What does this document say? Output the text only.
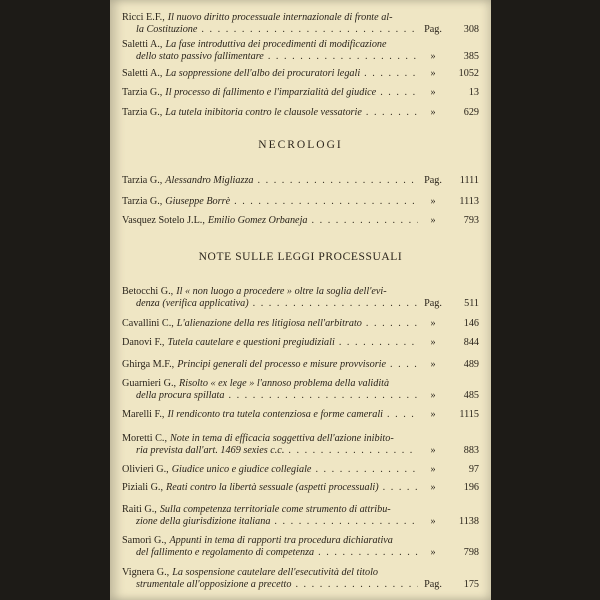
Ricci E.F., Il nuovo diritto processuale internazionale di fronte al-
la Costituzione . . .	Pag.	308
Saletti A., La fase introduttiva dei procedimenti di modificazione
dello stato passivo fallimentare . . .	»	385
Saletti A., La soppressione dell'albo dei procuratori legali . . .	»	1052
Tarzia G., Il processo di fallimento e l'imparzialità del giudice . . .	»	13
Tarzia G., La tutela inibitoria contro le clausole vessatorie . . .	»	629
NECROLOGI
Tarzia G., Alessandro Migliazza . . .	Pag.	1111
Tarzia G., Giuseppe Borrè . . .	»	1113
Vasquez Sotelo J.L., Emilio Gomez Orbaneja . . .	»	793
NOTE SULLE LEGGI PROCESSUALI
Betocchi G., Il « non luogo a procedere » oltre la soglia dell'evi-
denza (verifica applicativa) . . .	Pag.	511
Cavallini C., L'alienazione della res litigiosa nell'arbitrato . . .	»	146
Danovi F., Tutela cautelare e questioni pregiudiziali . . .	»	844
Ghirga M.F., Principi generali del processo e misure provvisorie . . .	»	489
Guarnieri G., Risolto « ex lege » l'annoso problema della validità
della procura spillata . . .	»	485
Marelli F., Il rendiconto tra tutela contenziosa e forme camerali . . .	»	1115
Moretti C., Note in tema di efficacia soggettiva dell'azione inibito-
ria prevista dall'art. 1469 sexies c.c. . . .	»	883
Olivieri G., Giudice unico e giudice collegiale . . .	»	97
Piziali G., Reati contro la libertà sessuale (aspetti processuali) . . .	»	196
Raiti G., Sulla competenza territoriale come strumento di attribu-
zione della giurisdizione italiana . . .	»	1138
Samorì G., Appunti in tema di rapporti tra procedura dichiarativa
del fallimento e regolamento di competenza . . .	»	798
Vignera G., La sospensione cautelare dell'esecutività del titolo
strumentale all'opposizione a precetto . . .	Pag.	175
